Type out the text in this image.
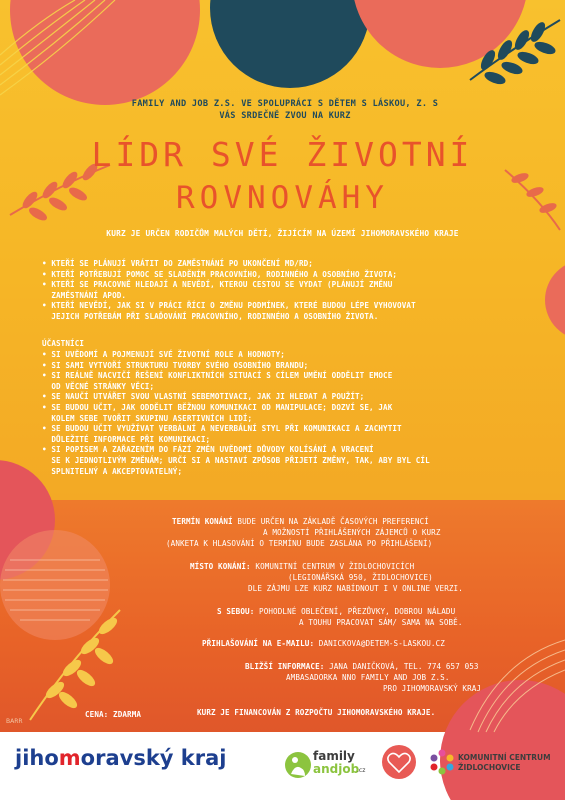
FAMILY AND JOB Z.S. VE SPOLUPRÁCI S DĚTEM S LÁSKOU, Z. S
VÁS SRDEČNĚ ZVOU NA KURZ
LÍDR SVÉ ŽIVOTNÍ
ROVNOVÁHY
KURZ JE URČEN RODIČŮM MALÝCH DĚTÍ, ŽIJÍCÍM NA ÚZEMÍ JIHOMORAVSKÉHO KRAJE
• KTEŘÍ SE PLÁNUJÍ VRÁTIT DO ZAMĚSTNÁNÍ PO UKONČENÍ MD/RD;
• KTEŘÍ POTŘEBUJÍ POMOC SE SLADĚNÍM PRACOVNÍHO, RODINNÉHO A OSOBNÍHO ŽIVOTA;
• KTEŘÍ SE PRACOVNĚ HLEDAJÍ A NEVĚDÍ, KTEROU CESTOU SE VYDAT (PLÁNUJÍ ZMĚNU
ZAMĚSTNÁNÍ APOD.
• KTEŘÍ NEVĚDÍ, JAK SI V PRÁCI ŘÍCI O ZMĚNU PODMÍNEK, KTERÉ BUDOU LÉPE VYHOVOVAT
JEJICH POTŘEBÁM PŘI SLAĎOVÁNÍ PRACOVNÍHO, RODINNÉHO A OSOBNÍHO ŽIVOTA.
ÚČASTNÍCI
• SI UVĚDOMÍ A POJMENUJÍ SVÉ ŽIVOTNÍ ROLE A HODNOTY;
• SI SAMI VYTVOŘÍ STRUKTURU TVORBY SVÉHO OSOBNÍHO BRANDU;
• SI REÁLNĚ NACVIČÍ ŘEŠENÍ KONFLIKTNÍCH SITUACÍ S CÍLEM UMĚNÍ ODDĚLIT EMOCE
OD VĚCNÉ STRÁNKY VĚCI;
• SE NAUČÍ UTVÁŘET SVOU VLASTNÍ SEBEMOTIVACI, JAK JI HLEDAT A POUŽÍT;
• SE BUDOU UČIT, JAK ODDĚLIT BĚŽNOU KOMUNIKACI OD MANIPULACE; DOZVÍ SE, JAK
KOLEM SEBE TVOŘIT SKUPINU ASERTIVNÍCH LIDÍ;
• SE BUDOU UČIT VYUŽÍVAT VERBÁLNÍ A NEVERBÁLNÍ STYL PŘI KOMUNIKACI A ZACHYTIT
DŮLEŽITÉ INFORMACE PŘI KOMUNIKACI;
• SI POPISEM A ZAŘAZENÍM DO FÁZÍ ZMĚN UVĚDOMÍ DŮVODY KOLÍSÁNÍ A VRACENÍ
SE K JEDNOTLIVÝM ZMĚNÁM; URČÍ SI A NASTAVÍ ZPŮSOB PŘIJETÍ ZMĚNY, TAK, ABY BYL CÍL
SPLNITELNÝ A AKCEPTOVATELNÝ;
TERMÍN KONÁNÍ BUDE URČEN NA ZÁKLADĚ ČASOVÝCH PREFERENCÍ
A MOŽNOSTÍ PŘIHLÁŠENÝCH ZÁJEMCŮ O KURZ
(ANKETA K HLASOVÁNÍ O TERMÍNU BUDE ZASLÁNA PO PŘIHLÁŠENÍ)
MÍSTO KONÁNÍ: KOMUNITNÍ CENTRUM V ŽIDLOCHOVICÍCH
(LEGIONÁŘSKÁ 950, ŽIDLOCHOVICE)
DLE ZÁJMU LZE KURZ NABÍDNOUT I V ONLINE VERZI.
S SEBOU: POHODLNÉ OBLEČENÍ, PŘEZŮVKY, DOBROU NÁLADU
A TOUHU PRACOVAT SÁM/ SAMA NA SOBĚ.
PŘIHLAŠOVÁNÍ NA E-MAILU: DANICKOVA@DETEM-S-LASKOU.CZ
BLIŽŠÍ INFORMACE: JANA DANIČKOVÁ, TEL. 774 657 053
AMBASADORKA NNO FAMILY AND JOB Z.S.
PRO JIHOMORAVSKÝ KRAJ
CENA: ZDARMA	KURZ JE FINANCOVÁN Z ROZPOČTU JIHOMORAVSKÉHO KRAJE.
BARR
jihomoravský kraj	family
andjob
.cz
KOMUNITNÍ CENTRUM
ŽIDLOCHOVICE
